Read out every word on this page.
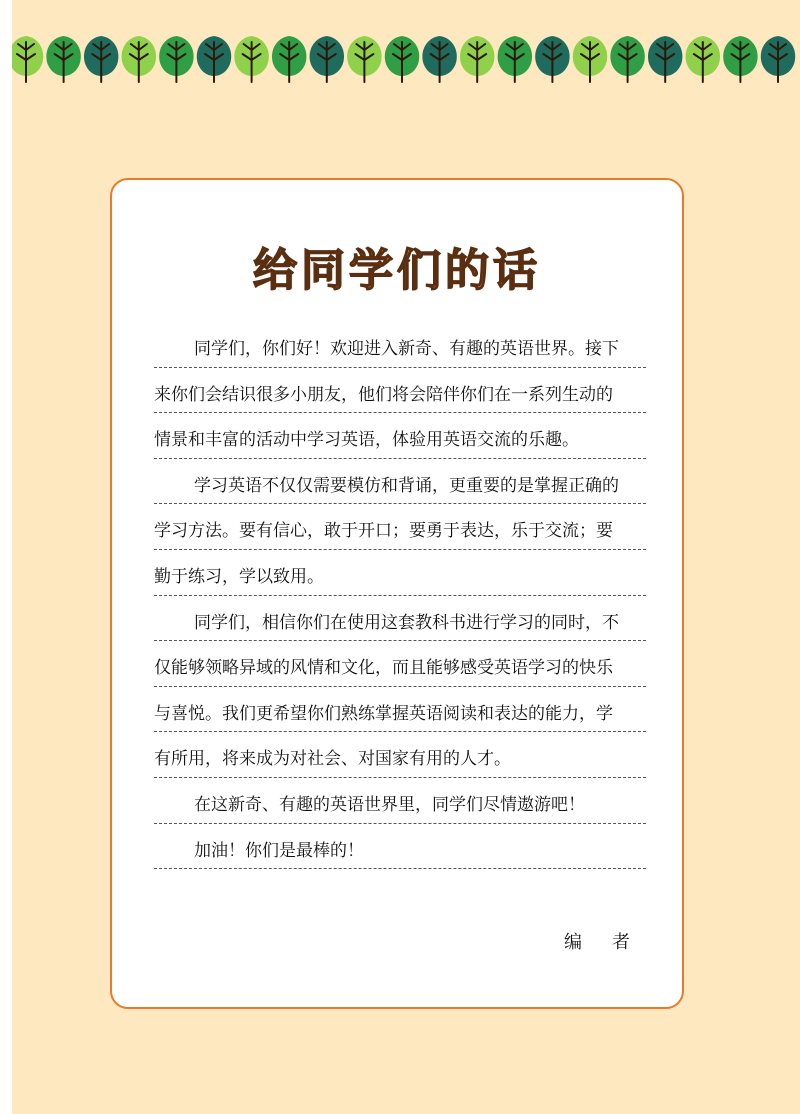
给同学们的话
同学们，你们好！欢迎进入新奇、有趣的英语世界。接下
来你们会结识很多小朋友，他们将会陪伴你们在一系列生动的
情景和丰富的活动中学习英语，体验用英语交流的乐趣。
学习英语不仅仅需要模仿和背诵，更重要的是掌握正确的
学习方法。要有信心，敢于开口；要勇于表达，乐于交流；要
勤于练习，学以致用。
同学们，相信你们在使用这套教科书进行学习的同时，不
仅能够领略异域的风情和文化，而且能够感受英语学习的快乐
与喜悦。我们更希望你们熟练掌握英语阅读和表达的能力，学
有所用，将来成为对社会、对国家有用的人才。
在这新奇、有趣的英语世界里，同学们尽情遨游吧！
加油！你们是最棒的！
编　者
